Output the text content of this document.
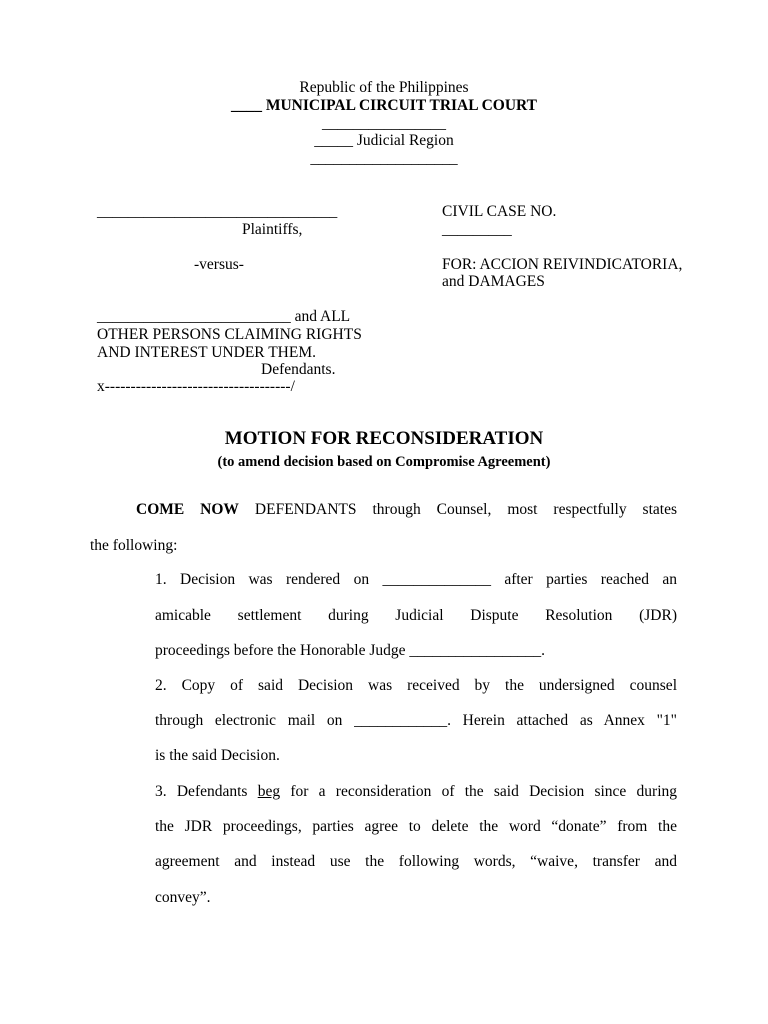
Republic of the Philippines
____ MUNICIPAL CIRCUIT TRIAL COURT
________________
_____ Judicial Region
___________________
_______________________________
Plaintiffs,
-versus-
_________________________ and ALL
OTHER PERSONS CLAIMING RIGHTS
AND INTEREST UNDER THEM.
Defendants.
x------------------------------------/
CIVIL CASE NO.
_________
FOR: ACCION REIVINDICATORIA,
and DAMAGES
MOTION FOR RECONSIDERATION
(to amend decision based on Compromise Agreement)
COME NOW DEFENDANTS through Counsel, most respectfully states
the following:
1. Decision was rendered on ______________ after parties reached an
amicable settlement during Judicial Dispute Resolution (JDR)
proceedings before the Honorable Judge _________________.
2. Copy of said Decision was received by the undersigned counsel
through electronic mail on ____________. Herein attached as Annex "1"
is the said Decision.
3. Defendants beg for a reconsideration of the said Decision since during
the JDR proceedings, parties agree to delete the word “donate” from the
agreement and instead use the following words, “waive, transfer and
convey”.
